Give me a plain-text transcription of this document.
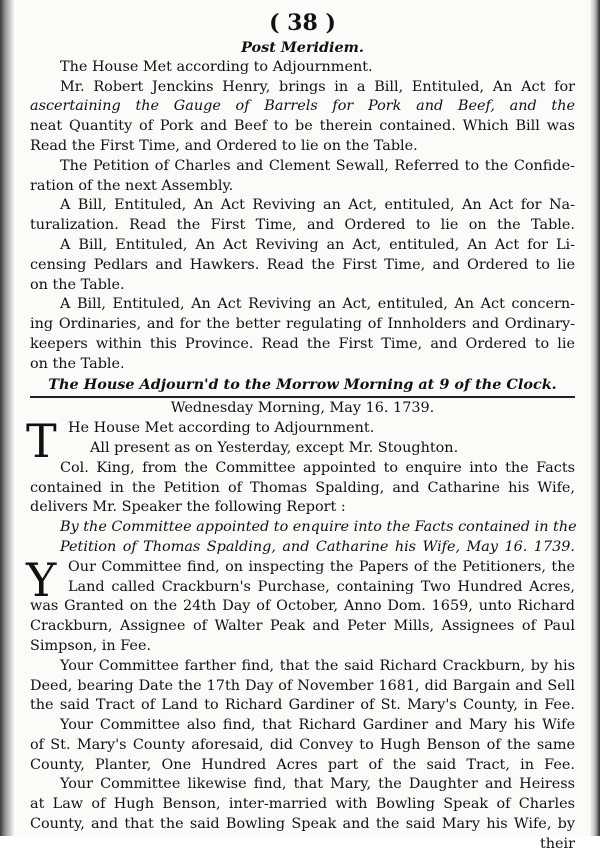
( 38 )
Post Meridiem.
The House Met according to Adjournment.
Mr. Robert Jenckins Henry, brings in a Bill, Entituled, An Act for
ascertaining the Gauge of Barrels for Pork and Beef, and the
neat Quantity of Pork and Beef to be therein contained. Which Bill was
Read the First Time, and Ordered to lie on the Table.
The Petition of Charles and Clement Sewall, Referred to the Confide-
ration of the next Assembly.
A Bill, Entituled, An Act Reviving an Act, entituled, An Act for Na-
turalization. Read the First Time, and Ordered to lie on the Table.
A Bill, Entituled, An Act Reviving an Act, entituled, An Act for Li-
censing Pedlars and Hawkers. Read the First Time, and Ordered to lie
on the Table.
A Bill, Entituled, An Act Reviving an Act, entituled, An Act concern-
ing Ordinaries, and for the better regulating of Innholders and Ordinary-
keepers within this Province. Read the First Time, and Ordered to lie
on the Table.
The House Adjourn'd to the Morrow Morning at 9 of the Clock.
Wednesday Morning, May 16. 1739.
T He House Met according to Adjournment.
All present as on Yesterday, except Mr. Stoughton.
Col. King, from the Committee appointed to enquire into the Facts
contained in the Petition of Thomas Spalding, and Catharine his Wife,
delivers Mr. Speaker the following Report :
By the Committee appointed to enquire into the Facts contained in the
Petition of Thomas Spalding, and Catharine his Wife, May 16. 1739.
Y Our Committee find, on inspecting the Papers of the Petitioners, the
Land called Crackburn's Purchase, containing Two Hundred Acres,
was Granted on the 24th Day of October, Anno Dom. 1659, unto Richard
Crackburn, Assignee of Walter Peak and Peter Mills, Assignees of Paul
Simpson, in Fee.
Your Committee farther find, that the said Richard Crackburn, by his
Deed, bearing Date the 17th Day of November 1681, did Bargain and Sell
the said Tract of Land to Richard Gardiner of St. Mary's County, in Fee.
Your Committee also find, that Richard Gardiner and Mary his Wife
of St. Mary's County aforesaid, did Convey to Hugh Benson of the same
County, Planter, One Hundred Acres part of the said Tract, in Fee.
Your Committee likewise find, that Mary, the Daughter and Heiress
at Law of Hugh Benson, inter-married with Bowling Speak of Charles
County, and that the said Bowling Speak and the said Mary his Wife, by
their
